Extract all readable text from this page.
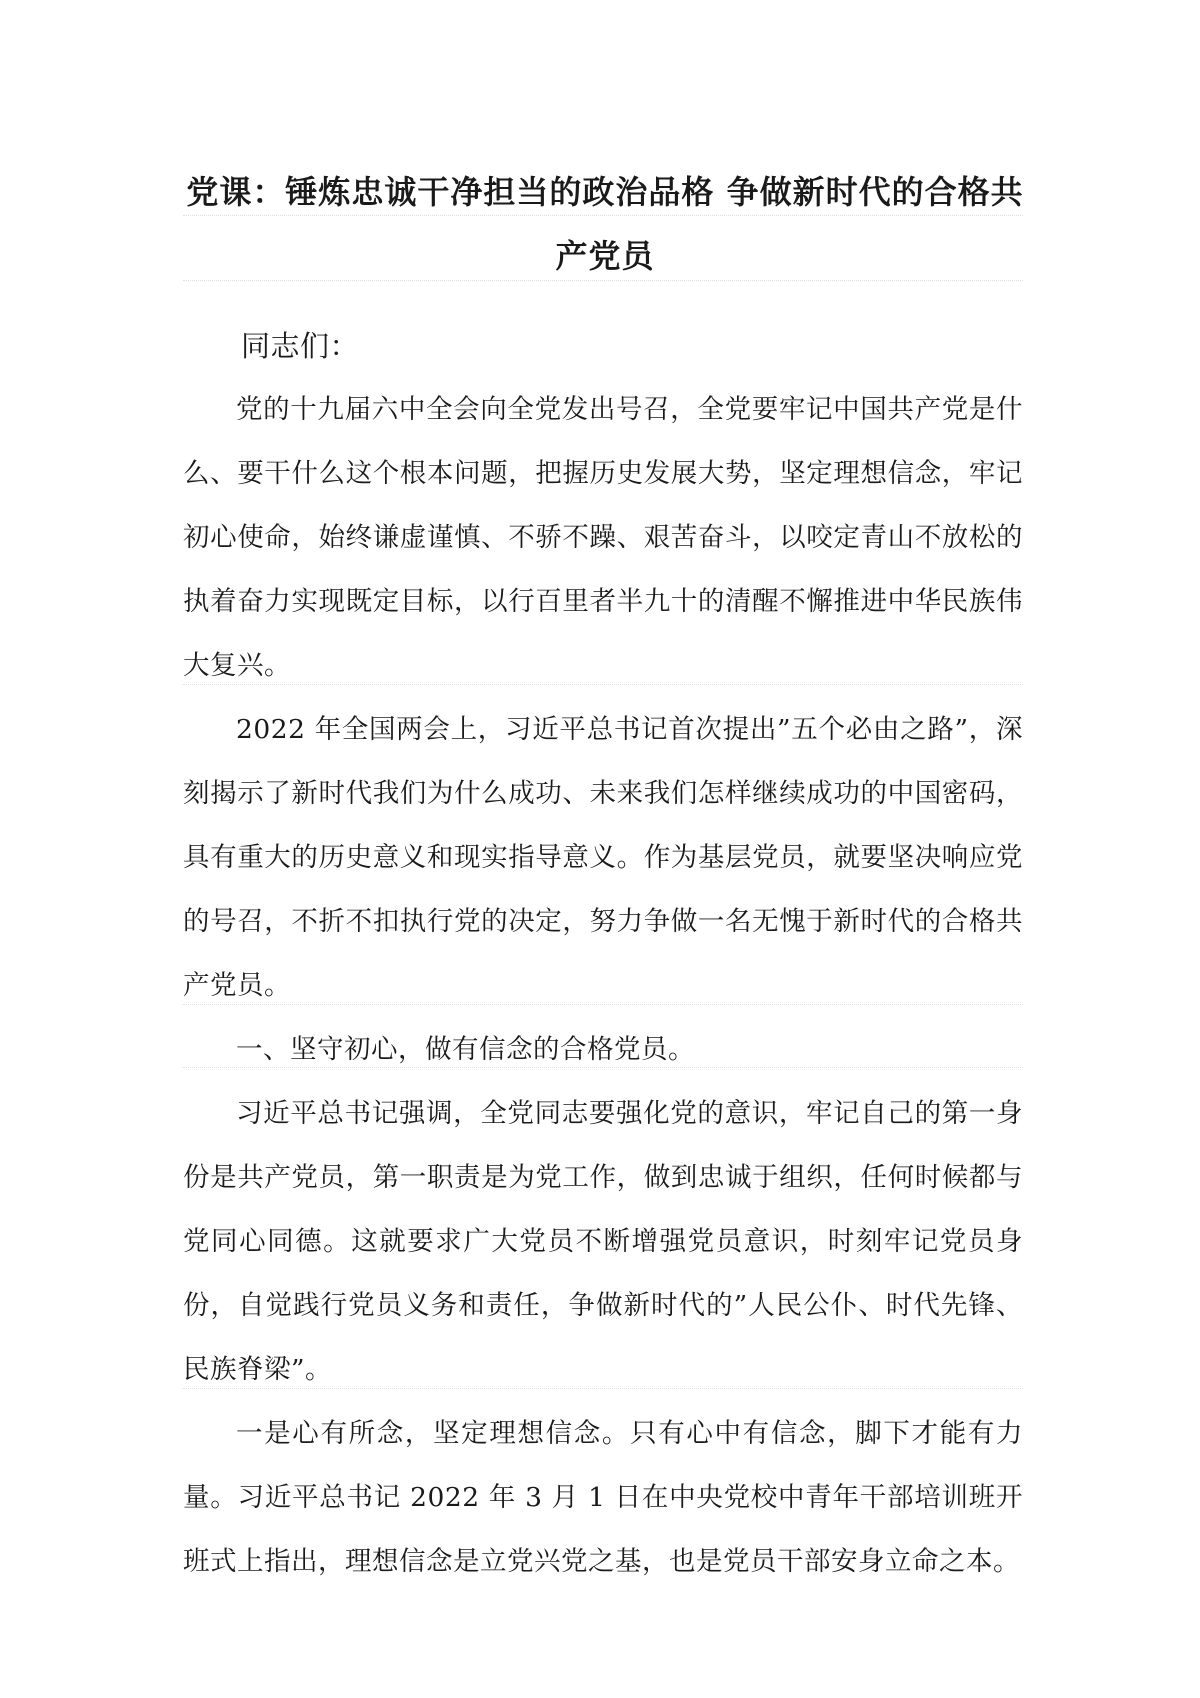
党课：锤炼忠诚干净担当的政治品格 争做新时代的合格共产党员

同志们：

党的十九届六中全会向全党发出号召，全党要牢记中国共产党是什么、要干什么这个根本问题，把握历史发展大势，坚定理想信念，牢记初心使命，始终谦虚谨慎、不骄不躁、艰苦奋斗，以咬定青山不放松的执着奋力实现既定目标，以行百里者半九十的清醒不懈推进中华民族伟大复兴。

2022 年全国两会上，习近平总书记首次提出”五个必由之路”，深刻揭示了新时代我们为什么成功、未来我们怎样继续成功的中国密码，具有重大的历史意义和现实指导意义。作为基层党员，就要坚决响应党的号召，不折不扣执行党的决定，努力争做一名无愧于新时代的合格共产党员。

一、坚守初心，做有信念的合格党员。

习近平总书记强调，全党同志要强化党的意识，牢记自己的第一身份是共产党员，第一职责是为党工作，做到忠诚于组织，任何时候都与党同心同德。这就要求广大党员不断增强党员意识，时刻牢记党员身份，自觉践行党员义务和责任，争做新时代的”人民公仆、时代先锋、民族脊梁”。

一是心有所念，坚定理想信念。只有心中有信念，脚下才能有力量。习近平总书记 2022 年 3 月 1 日在中央党校中青年干部培训班开班式上指出，理想信念是立党兴党之基，也是党员干部安身立命之本。
